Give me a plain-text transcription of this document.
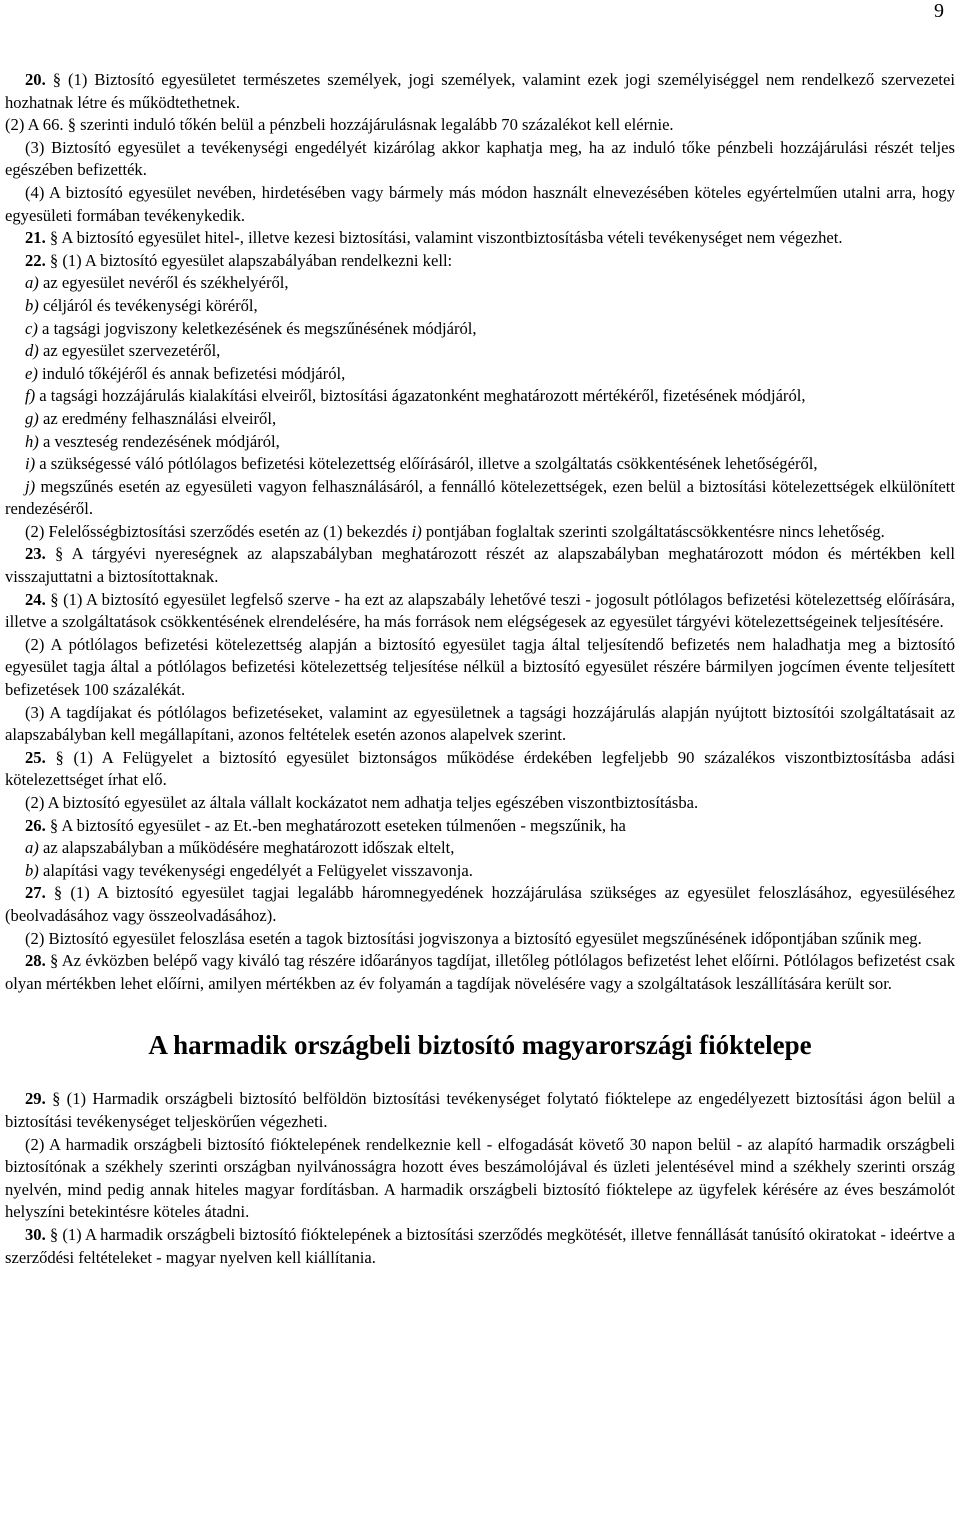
9

20. § (1) Biztosító egyesületet természetes személyek, jogi személyek, valamint ezek jogi személyiséggel nem rendelkező szervezetei hozhatnak létre és működtethetnek.

(2) A 66. § szerinti induló tőkén belül a pénzbeli hozzájárulásnak legalább 70 százalékot kell elérnie.

(3) Biztosító egyesület a tevékenységi engedélyét kizárólag akkor kaphatja meg, ha az induló tőke pénzbeli hozzájárulási részét teljes egészében befizették.

(4) A biztosító egyesület nevében, hirdetésében vagy bármely más módon használt elnevezésében köteles egyértelműen utalni arra, hogy egyesületi formában tevékenykedik.

21. § A biztosító egyesület hitel-, illetve kezesi biztosítási, valamint viszontbiztosításba vételi tevékenységet nem végezhet.

22. § (1) A biztosító egyesület alapszabályában rendelkezni kell:

a) az egyesület nevéről és székhelyéről,

b) céljáról és tevékenységi köréről,

c) a tagsági jogviszony keletkezésének és megszűnésének módjáról,

d) az egyesület szervezetéről,

e) induló tőkéjéről és annak befizetési módjáról,

f) a tagsági hozzájárulás kialakítási elveiről, biztosítási ágazatonként meghatározott mértékéről, fizetésének módjáról,

g) az eredmény felhasználási elveiről,

h) a veszteség rendezésének módjáról,

i) a szükségessé váló pótlólagos befizetési kötelezettség előírásáról, illetve a szolgáltatás csökkentésének lehetőségéről,

j) megszűnés esetén az egyesületi vagyon felhasználásáról, a fennálló kötelezettségek, ezen belül a biztosítási kötelezettségek elkülönített rendezéséről.

(2) Felelősségbiztosítási szerződés esetén az (1) bekezdés i) pontjában foglaltak szerinti szolgáltatáscsökkentésre nincs lehetőség.

23. § A tárgyévi nyereségnek az alapszabályban meghatározott részét az alapszabályban meghatározott módon és mértékben kell visszajuttatni a biztosítottaknak.

24. § (1) A biztosító egyesület legfelső szerve - ha ezt az alapszabály lehetővé teszi - jogosult pótlólagos befizetési kötelezettség előírására, illetve a szolgáltatások csökkentésének elrendelésére, ha más források nem elégségesek az egyesület tárgyévi kötelezettségeinek teljesítésére.

(2) A pótlólagos befizetési kötelezettség alapján a biztosító egyesület tagja által teljesítendő befizetés nem haladhatja meg a biztosító egyesület tagja által a pótlólagos befizetési kötelezettség teljesítése nélkül a biztosító egyesület részére bármilyen jogcímen évente teljesített befizetések 100 százalékát.

(3) A tagdíjakat és pótlólagos befizetéseket, valamint az egyesületnek a tagsági hozzájárulás alapján nyújtott biztosítói szolgáltatásait az alapszabályban kell megállapítani, azonos feltételek esetén azonos alapelvek szerint.

25. § (1) A Felügyelet a biztosító egyesület biztonságos működése érdekében legfeljebb 90 százalékos viszontbiztosításba adási kötelezettséget írhat elő.

(2) A biztosító egyesület az általa vállalt kockázatot nem adhatja teljes egészében viszontbiztosításba.

26. § A biztosító egyesület - az Et.-ben meghatározott eseteken túlmenően - megszűnik, ha

a) az alapszabályban a működésére meghatározott időszak eltelt,

b) alapítási vagy tevékenységi engedélyét a Felügyelet visszavonja.

27. § (1) A biztosító egyesület tagjai legalább háromnegyedének hozzájárulása szükséges az egyesület feloszlásához, egyesüléséhez (beolvadásához vagy összeolvadásához).

(2) Biztosító egyesület feloszlása esetén a tagok biztosítási jogviszonya a biztosító egyesület megszűnésének időpontjában szűnik meg.

28. § Az évközben belépő vagy kiváló tag részére időarányos tagdíjat, illetőleg pótlólagos befizetést lehet előírni. Pótlólagos befizetést csak olyan mértékben lehet előírni, amilyen mértékben az év folyamán a tagdíjak növelésére vagy a szolgáltatások leszállítására került sor.

A harmadik országbeli biztosító magyarországi fióktelepe

29. § (1) Harmadik országbeli biztosító belföldön biztosítási tevékenységet folytató fióktelepe az engedélyezett biztosítási ágon belül a biztosítási tevékenységet teljeskörűen végezheti.

(2) A harmadik országbeli biztosító fióktelepének rendelkeznie kell - elfogadását követő 30 napon belül - az alapító harmadik országbeli biztosítónak a székhely szerinti országban nyilvánosságra hozott éves beszámolójával és üzleti jelentésével mind a székhely szerinti ország nyelvén, mind pedig annak hiteles magyar fordításban. A harmadik országbeli biztosító fióktelepe az ügyfelek kérésére az éves beszámolót helyszíni betekintésre köteles átadni.

30. § (1) A harmadik országbeli biztosító fióktelepének a biztosítási szerződés megkötését, illetve fennállását tanúsító okiratokat - ideértve a szerződési feltételeket - magyar nyelven kell kiállítania.
